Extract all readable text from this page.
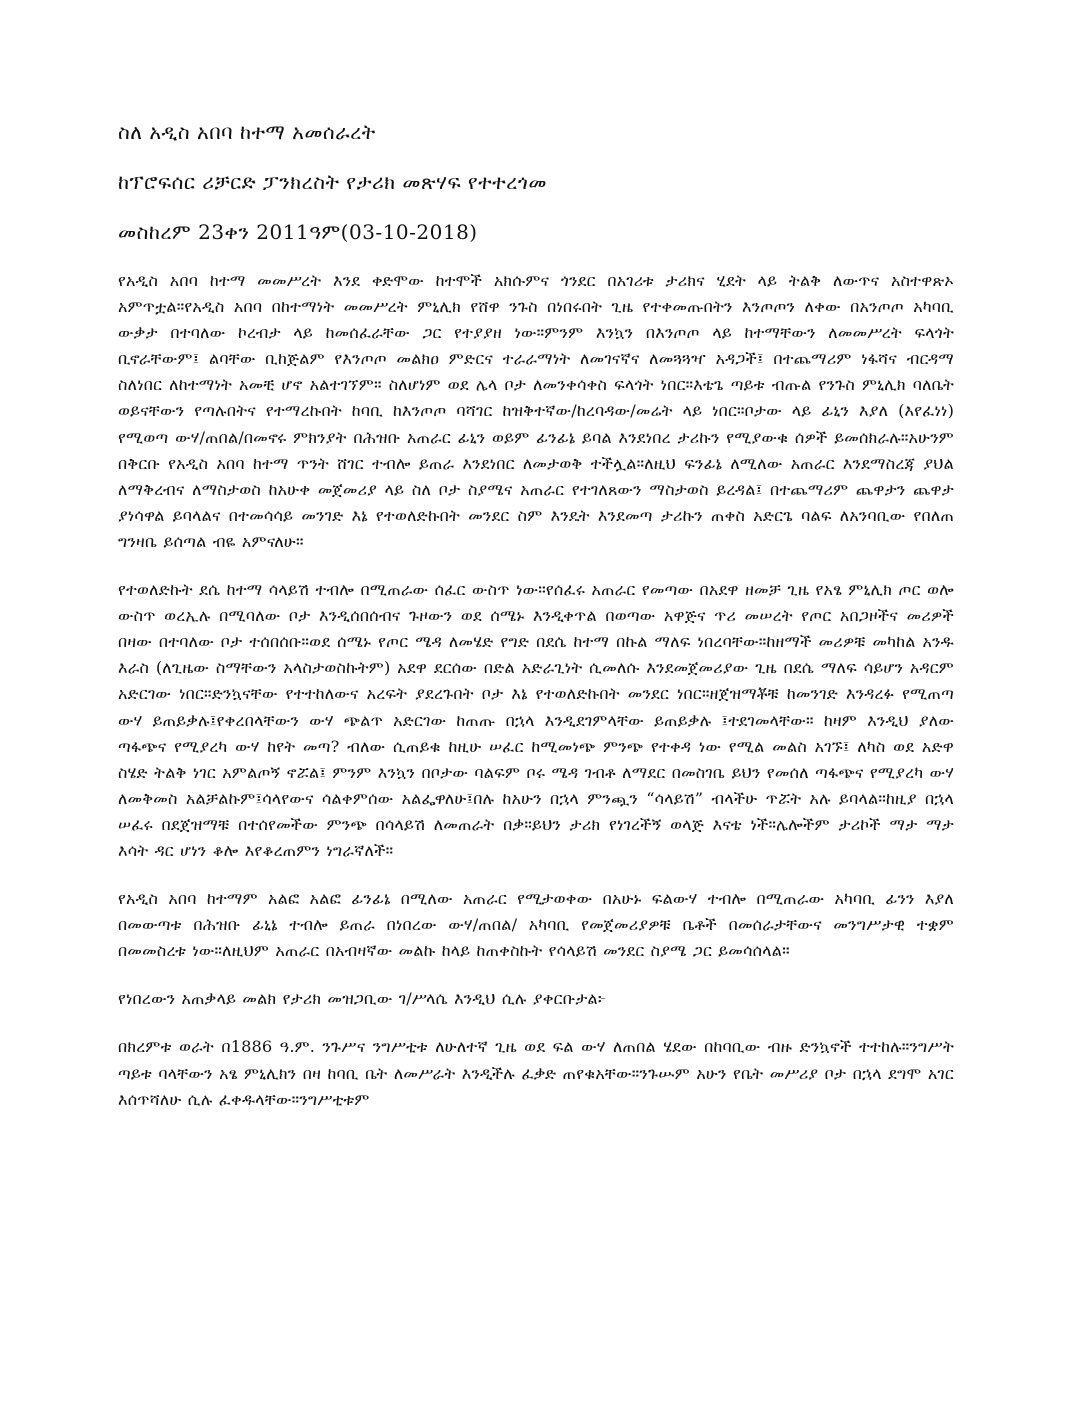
ስለ አዲስ አበባ ከተማ አመሰራረት
ከፕሮፍሰር ሪቻርድ ፓንክረስት የታሪክ መጽሃፍ የተተረጎመ
መስከረም 23ቀን 2011ዓም(03-10-2018)

የአዲስ አበባ ከተማ መመሥረት እንደ ቀድሞው ከተሞች አክሱምና ጎንደር በአገሪቱ ታሪክና ሂደት ላይ ትልቅ ለውጥና አስተዋጽኦ አምጥቷል።የአዲስ አበባ በከተማነት መመሥረት ምኒሊክ የሸዋ ንጉስ በነበሩበት ጊዜ የተቀመጡበትን እንጦጦን ለቀው በአንጦጦ አካባቢ ውቃታ በተባለው ኮረብታ ላይ ከመሰፈራቸው ጋር የተያያዘ ነው።ምንም እንኳን በእንጦጦ ላይ ከተማቸውን ለመመሥረት ፍላጎት ቢኖራቸውም፤ ልባቸው ቢከጅልም የእንጦጦ መልክዐ ምድርና ተራራማነት ለመገናኛና ለመጓጓዣ አዳጋች፤ በተጨማሪም ነፋሻና ብርዳማ ስለነበር ለከተማነት አመቺ ሆኖ አልተገኘም። ስለሆነም ወደ ሌላ ቦታ ለመንቀሳቀስ ፍላጎት ነበር።እቴጌ ጣይቱ ብጡል የንጉስ ምኒሊክ ባለቤት ወይናቸውን የጣሉበትና የተማረኩበት ከባቢ ከእንጦጦ ባሻገር ከዝቅተኛው/ከረባዳው/መሬት ላይ ነበር።ቦታው ላይ ፊኒን እያለ (እየፈነነ) የሚወጣ ውሃ/ጠበል/በመኖሩ ምክንያት በሕዝቡ አጠራር ፊኒን ወይም ፊንፊኔ ይባል እንደነበረ ታሪኩን የሚያውቁ ሰዎች ይመሰክራሉ።አሁንም በቅርቡ የአዲስ አበባ ከተማ ጥንት ሸገር ተብሎ ይጠራ እንደነበር ለመታወቅ ተችሏል።ለዚህ ፍንፊኔ ለሚለው አጠራር እንደማስረጃ ያህል ለማቅረብና ለማስታወስ ከአሁቀ መጀመሪያ ላይ ስለ ቦታ ስያሜና አጠራር የተገለጸውን ማስታወስ ይረዳል፤ በተጨማሪም ጨዋታን ጨዋታ ያነሳዋል ይባላልና በተመሳሳይ መንገድ እኔ የተወለድኩበት መንደር ስም እንዴት እንደመጣ ታሪኩን ጠቀስ አድርጌ ባልፍ ለአንባቢው የበለጠ ግንዛቤ ይሰጣል ብዬ አምናለሁ።

የተወለድኩት ደሴ ከተማ ሳላይሽ ተብሎ በሚጠራው ሰፈር ውስጥ ነው።የሰፈሩ አጠራር የመጣው በአደዋ ዘመቻ ጊዜ የአፄ ምኒሊክ ጦር ወሎ ውስጥ ወረኢሉ በሚባለው ቦታ እንዲሰበሰብና ጉዞውን ወደ ሰሜኑ እንዲቀጥል በወጣው አዋጅና ጥሪ መሠረት የጦር አበጋዞችና መሪዎች በዛው በተባለው ቦታ ተሰበሰቡ።ወደ ሰሜኑ የጦር ሜዳ ለመሄድ የግድ በደሴ ከተማ በኩል ማለፍ ነበረባቸው።ከዘማች መሪዎቹ መካከል አንዱ እራስ (ለጊዜው ስማቸውን አላስታወስኩትም) አደዋ ደርሰው በድል አድራጊነት ሲመለሱ እንደመጀመሪያው ጊዜ በደሴ ማለፍ ሳይሆን አዳርም አድርገው ነበር።ድንኳናቸው የተተከለውና አረፍት ያደረጉበት ቦታ እኔ የተወለድኩበት መንደር ነበር።ዘጀዝማቾቹ ከመንገድ እንዳረፉ የሚጠጣ ውሃ ይጠይቃሉ፤የቀረበላቸውን ውሃ ጭልጥ አድርገው ከጠጡ በኋላ እንዲደገምላቸው ይጠይቃሉ ፤ተደገመላቸው። ከዛም እንዲህ ያለው ጣፋጭና የሚያረካ ውሃ ከየት መጣ? ብለው ሲጠይቁ ከዚሁ ሠፈር ከሚመነጭ ምንጭ የተቀዳ ነው የሚል መልስ አገኙ፤ ለካስ ወደ አድዋ ስሄድ ትልቅ ነገር አምልጦኝ ኖሯል፤ ምንም እንኳን በቦታው ባልፍም ቦሩ ሜዳ ገብቶ ለማደር በመስገቤ ይህን የመሰለ ጣፋጭና የሚያረካ ውሃ ለመቅመስ አልቻልኩም፤ሳላየውና ሳልቀምሰው አልፌዋለሁ፤በሉ ከአሁን በኋላ ምንጯን “ሳላይሽ” ብላችሁ ጥሯት አሉ ይባላል።ከዚያ በኋላ ሠፈሩ በደጀዝማቹ በተሰየመችው ምንጭ በሳላይሽ ለመጠራት በቃ።ይህን ታሪክ የነገረችኝ ወላጅ እናቴ ነች።ሌሎችም ታሪኮች ማታ ማታ እሳት ዳር ሆነን ቆሎ እየቆረጠምን ነግራኛለች።

የአዲስ አበባ ከተማም አልፎ አልፎ ፊንፊኔ በሚለው አጠራር የሚታወቀው በአሁኑ ፍልውሃ ተብሎ በሚጠራው አካባቢ ፊንን እያለ በመውጣቱ በሕዝቡ ፊኒኔ ተብሎ ይጠራ በነበረው ውሃ/ጠበል/ አካባቢ የመጀመሪያዎቹ ቤቶች በመሰራታቸውና መንግሥታዊ ተቋም በመመስረቱ ነው።ለዚህም አጠራር በአብዛኛው መልኩ ከላይ ከጠቀስኩት የሳላይሽ መንደር ስያሜ ጋር ይመሳሰላል።

የነበረውን አጠቃላይ መልክ የታሪክ መዝጋቢው ገ/ሥላሴ እንዲህ ሲሉ ያቀርቡታል፦

በክረምቱ ወራት በ1886 ዓ.ም. ንጉሥና ንግሥቲቱ ለሁለተኛ ጊዜ ወደ ፍል ውሃ ለጠበል ሄደው በከባቢው ብዙ ድንኳኖች ተተከሉ።ንግሥት ጣይቱ ባላቸውን አፄ ምኒሊክን በዛ ከባቢ ቤት ለመሥራት እንዲችሉ ፈቃድ ጠየቁአቸው።ንጉሡም አሁን የቤት መሥሪያ ቦታ በኋላ ደግሞ አገር እሰጥሻለሁ ሲሉ ፈቀዱላቸው።ንግሥቲቱም
